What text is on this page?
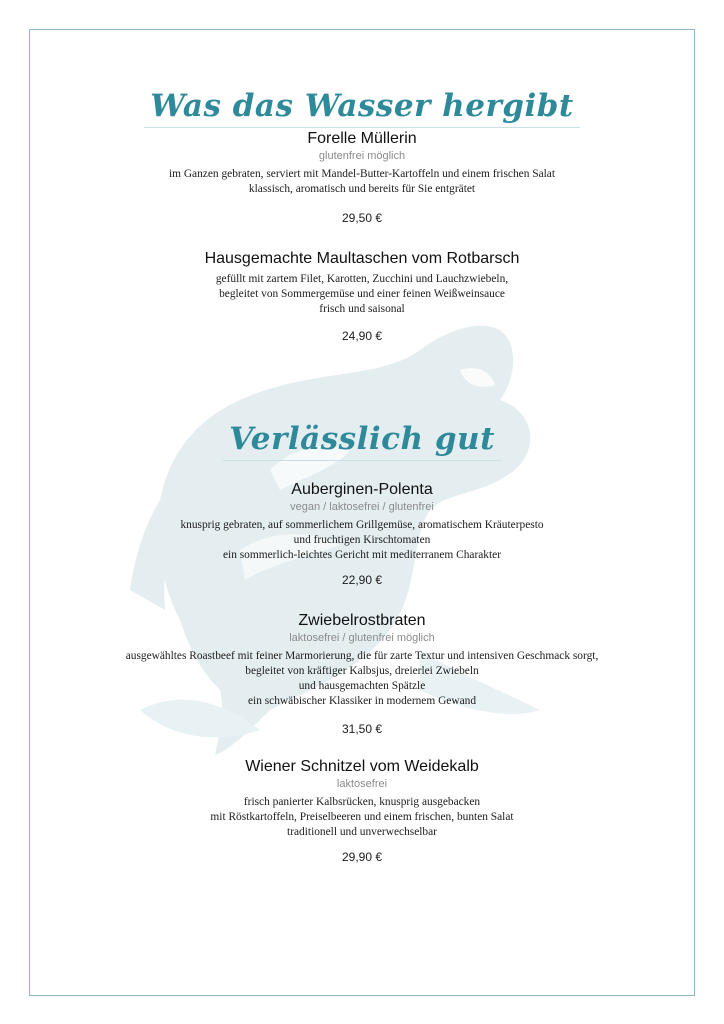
Was das Wasser hergibt

Forelle Müllerin

glutenfrei möglich

im Ganzen gebraten, serviert mit Mandel-Butter-Kartoffeln und einem frischen Salat

klassisch, aromatisch und bereits für Sie entgrätet

29,50 €

Hausgemachte Maultaschen vom Rotbarsch

gefüllt mit zartem Filet, Karotten, Zucchini und Lauchzwiebeln,

begleitet von Sommergemüse und einer feinen Weißweinsauce

frisch und saisonal

24,90 €

Verlässlich gut

Auberginen-Polenta

vegan / laktosefrei / glutenfrei

knusprig gebraten, auf sommerlichem Grillgemüse, aromatischem Kräuterpesto

und fruchtigen Kirschtomaten

ein sommerlich-leichtes Gericht mit mediterranem Charakter

22,90 €

Zwiebelrostbraten

laktosefrei / glutenfrei möglich

ausgewähltes Roastbeef mit feiner Marmorierung, die für zarte Textur und intensiven Geschmack sorgt,

begleitet von kräftiger Kalbsjus, dreierlei Zwiebeln

und hausgemachten Spätzle

ein schwäbischer Klassiker in modernem Gewand

31,50 €

Wiener Schnitzel vom Weidekalb

laktosefrei

frisch panierter Kalbsrücken, knusprig ausgebacken

mit Röstkartoffeln, Preiselbeeren und einem frischen, bunten Salat

traditionell und unverwechselbar

29,90 €
